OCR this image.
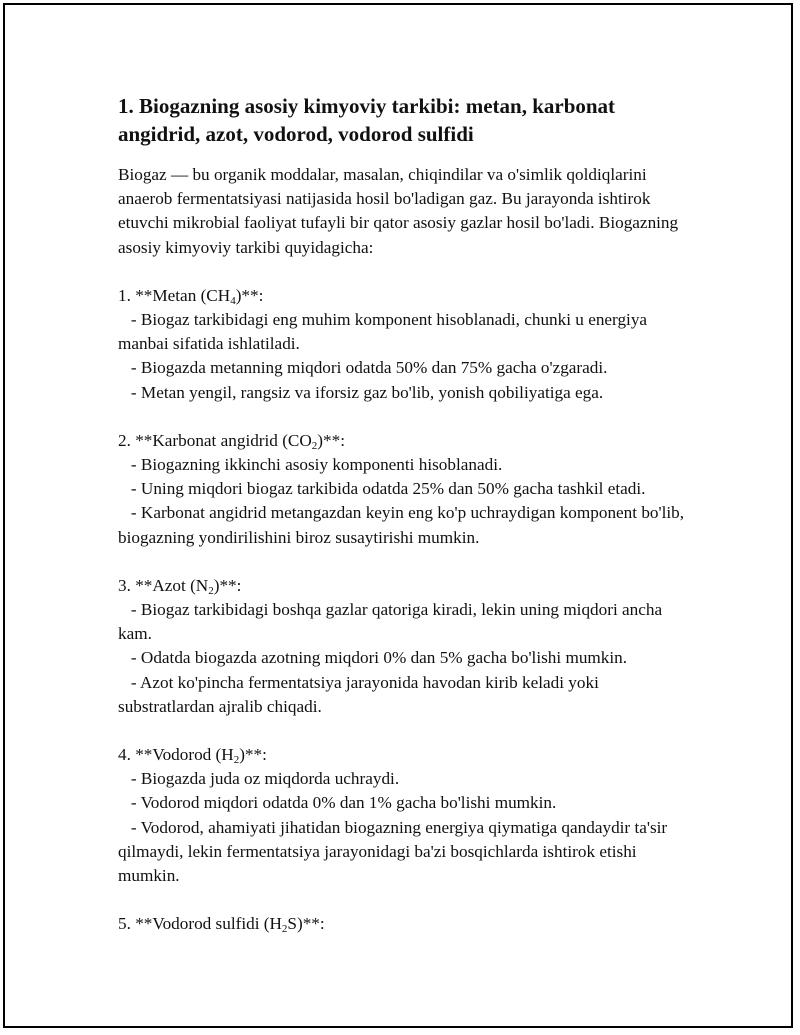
1. Biogazning asosiy kimyoviy tarkibi: metan, karbonat angidrid, azot, vodorod, vodorod sulfidi

Biogaz — bu organik moddalar, masalan, chiqindilar va o'simlik qoldiqlarini anaerob fermentatsiyasi natijasida hosil bo'ladigan gaz. Bu jarayonda ishtirok etuvchi mikrobial faoliyat tufayli bir qator asosiy gazlar hosil bo'ladi. Biogazning asosiy kimyoviy tarkibi quyidagicha:

1. **Metan $(CH_4)**$:

- Biogaz tarkibidagi eng muhim komponent hisoblanadi, chunki u energiya manbai sifatida ishlatiladi.

- Biogazda metanning miqdori odatda 50% dan 75% gacha o'zgaradi.

- Metan yengil, rangsiz va iforsiz gaz bo'lib, yonish qobiliyatiga ega.

2. **Karbonat angidrid $(CO_2)**$:

- Biogazning ikkinchi asosiy komponenti hisoblanadi.

- Uning miqdori biogaz tarkibida odatda 25% dan 50% gacha tashkil etadi.

- Karbonat angidrid metangazdan keyin eng ko'p uchraydigan komponent bo'lib, biogazning yondirilishini biroz susaytirishi mumkin.

3. **Azot $(N_2)**$:

- Biogaz tarkibidagi boshqa gazlar qatoriga kiradi, lekin uning miqdori ancha kam.

- Odatda biogazda azotning miqdori 0% dan 5% gacha bo'lishi mumkin.

- Azot ko'pincha fermentatsiya jarayonida havodan kirib keladi yoki substratlardan ajralib chiqadi.

4. **Vodorod $(H_2)**$:

- Biogazda juda oz miqdorda uchraydi.

- Vodorod miqdori odatda 0% dan 1% gacha bo'lishi mumkin.

- Vodorod, ahamiyati jihatidan biogazning energiya qiymatiga qandaydir ta'sir qilmaydi, lekin fermentatsiya jarayonidagi ba'zi bosqichlarda ishtirok etishi mumkin.

5. **Vodorod sulfidi $(H_2S)**$:
